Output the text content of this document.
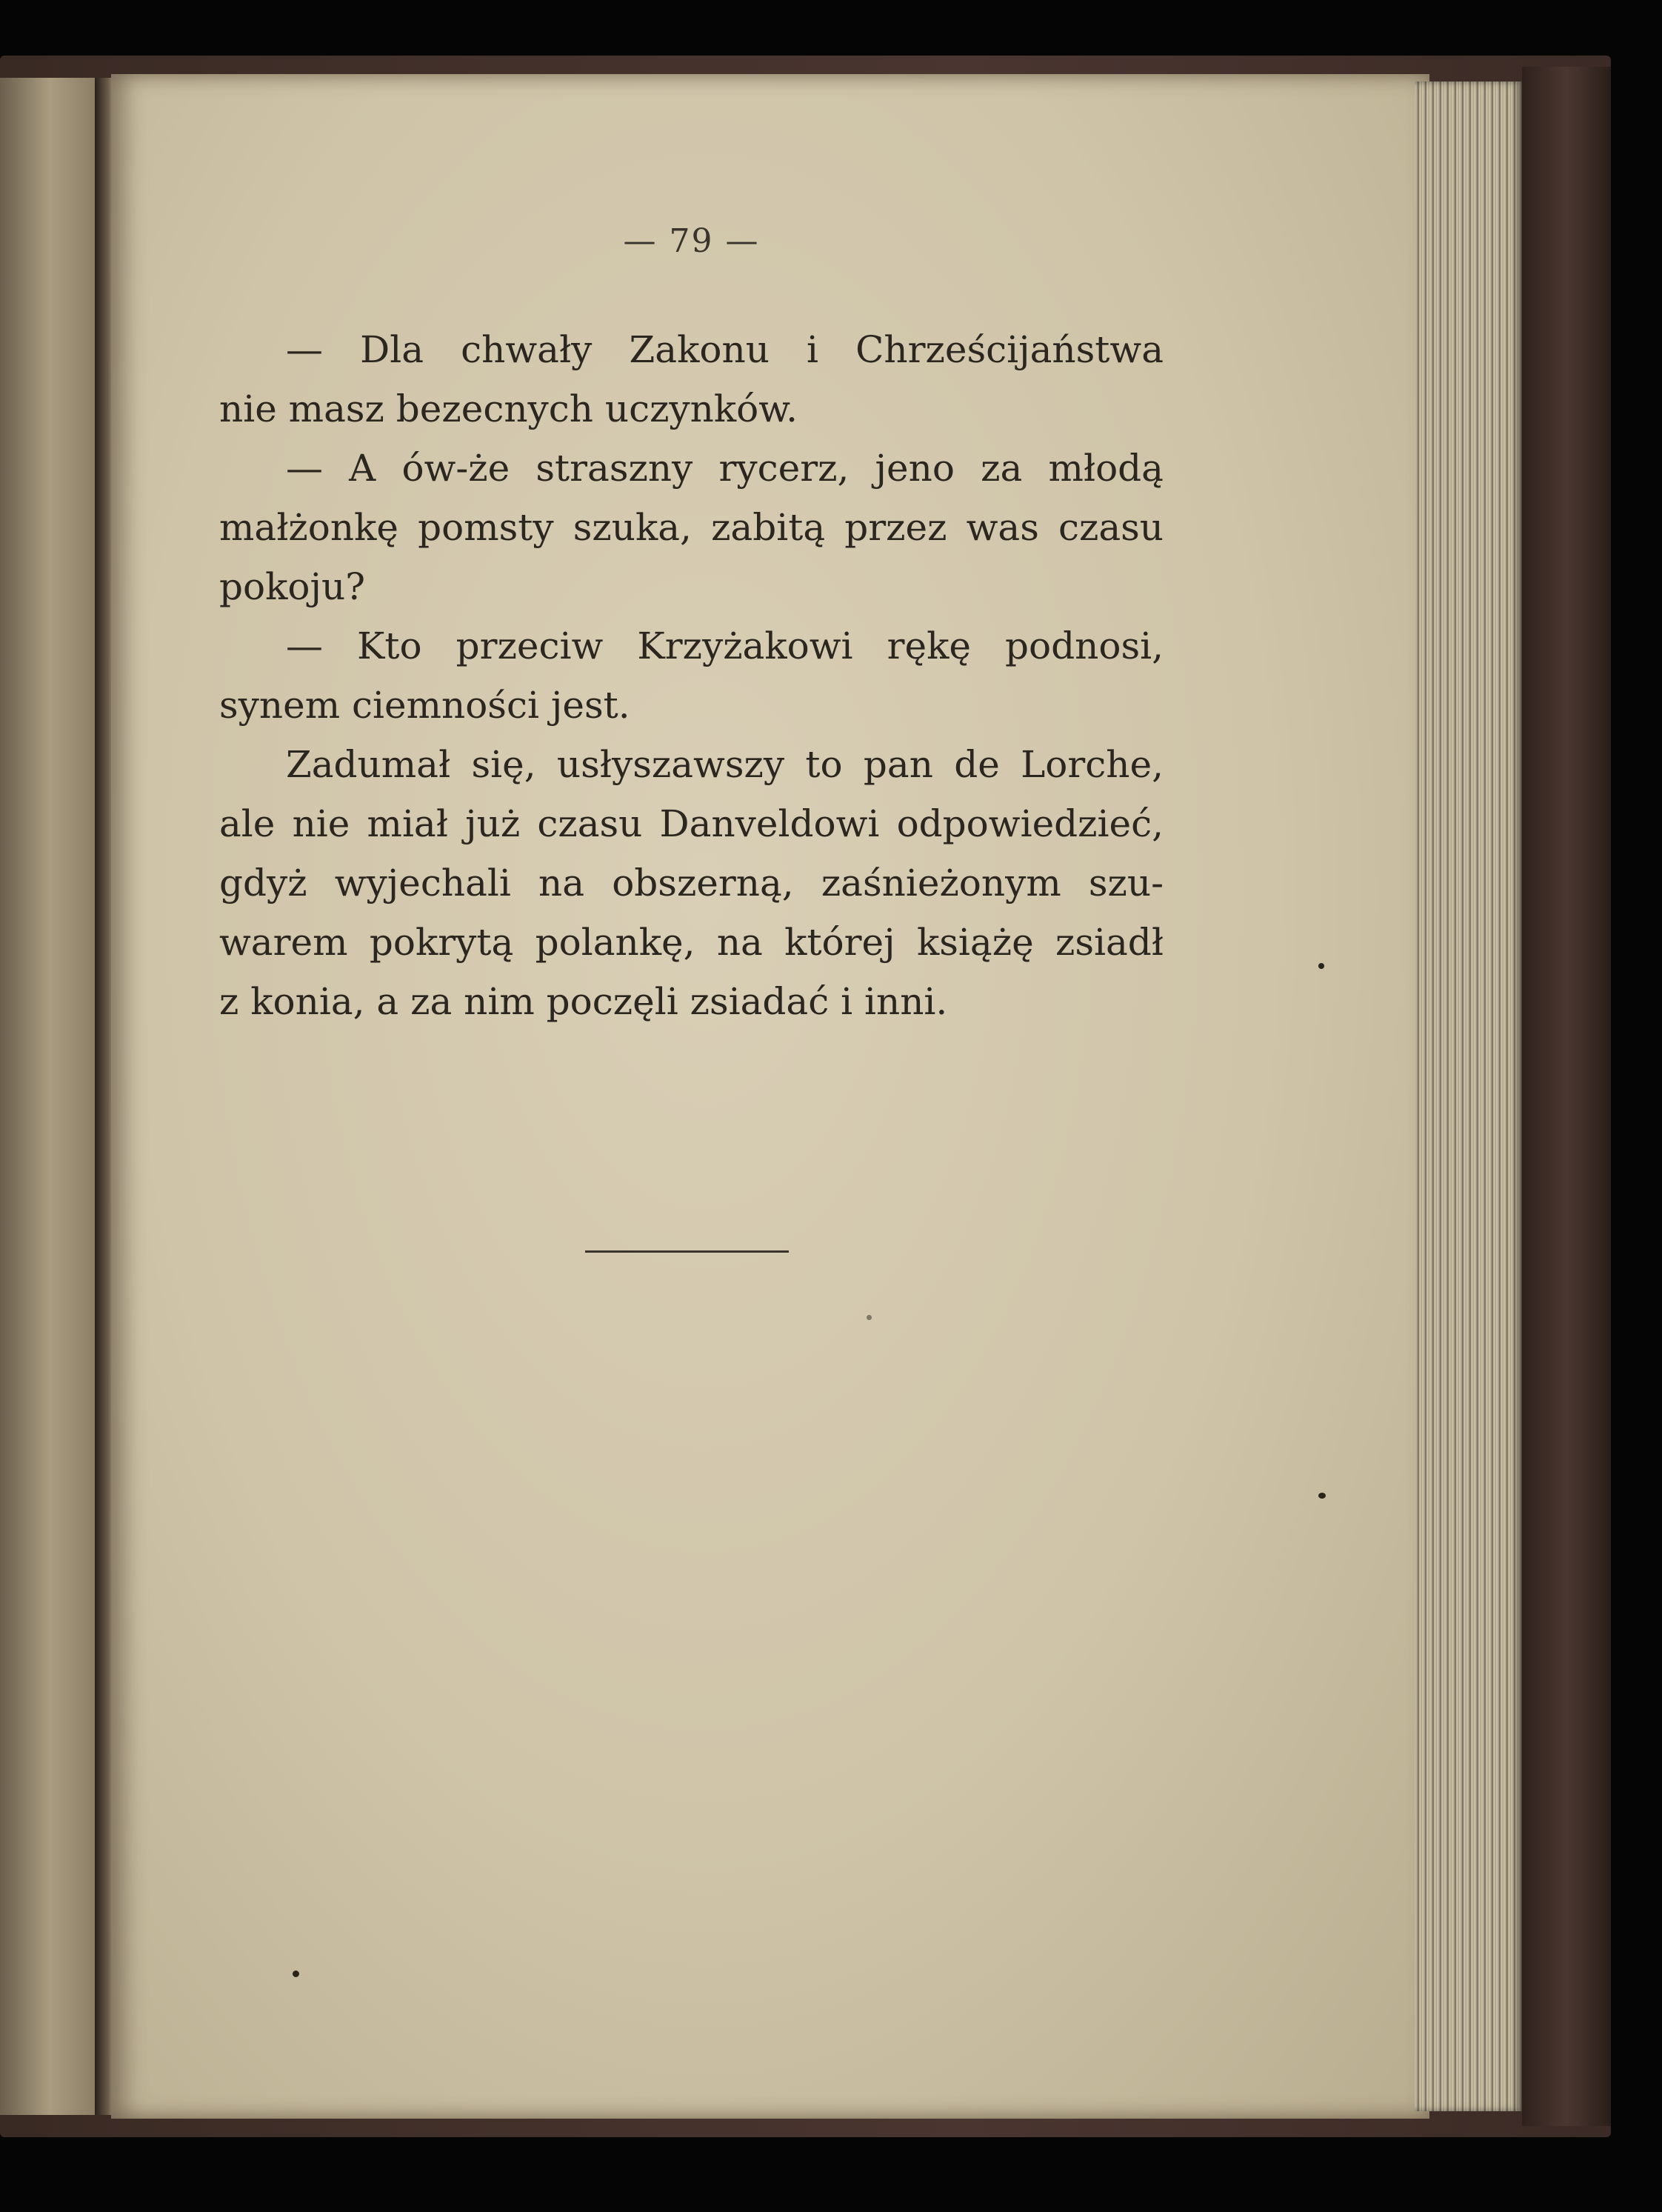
— 79 —
— Dla chwały Zakonu i Chrześcijaństwa
nie masz bezecnych uczynków.
— A ów-że straszny rycerz, jeno za młodą
małżonkę pomsty szuka, zabitą przez was czasu
pokoju?
— Kto przeciw Krzyżakowi rękę podnosi,
synem ciemności jest.
Zadumał się, usłyszawszy to pan de Lorche,
ale nie miał już czasu Danveldowi odpowiedzieć,
gdyż wyjechali na obszerną, zaśnieżonym szu-
warem pokrytą polankę, na której książę zsiadł
z konia, a za nim poczęli zsiadać i inni.
